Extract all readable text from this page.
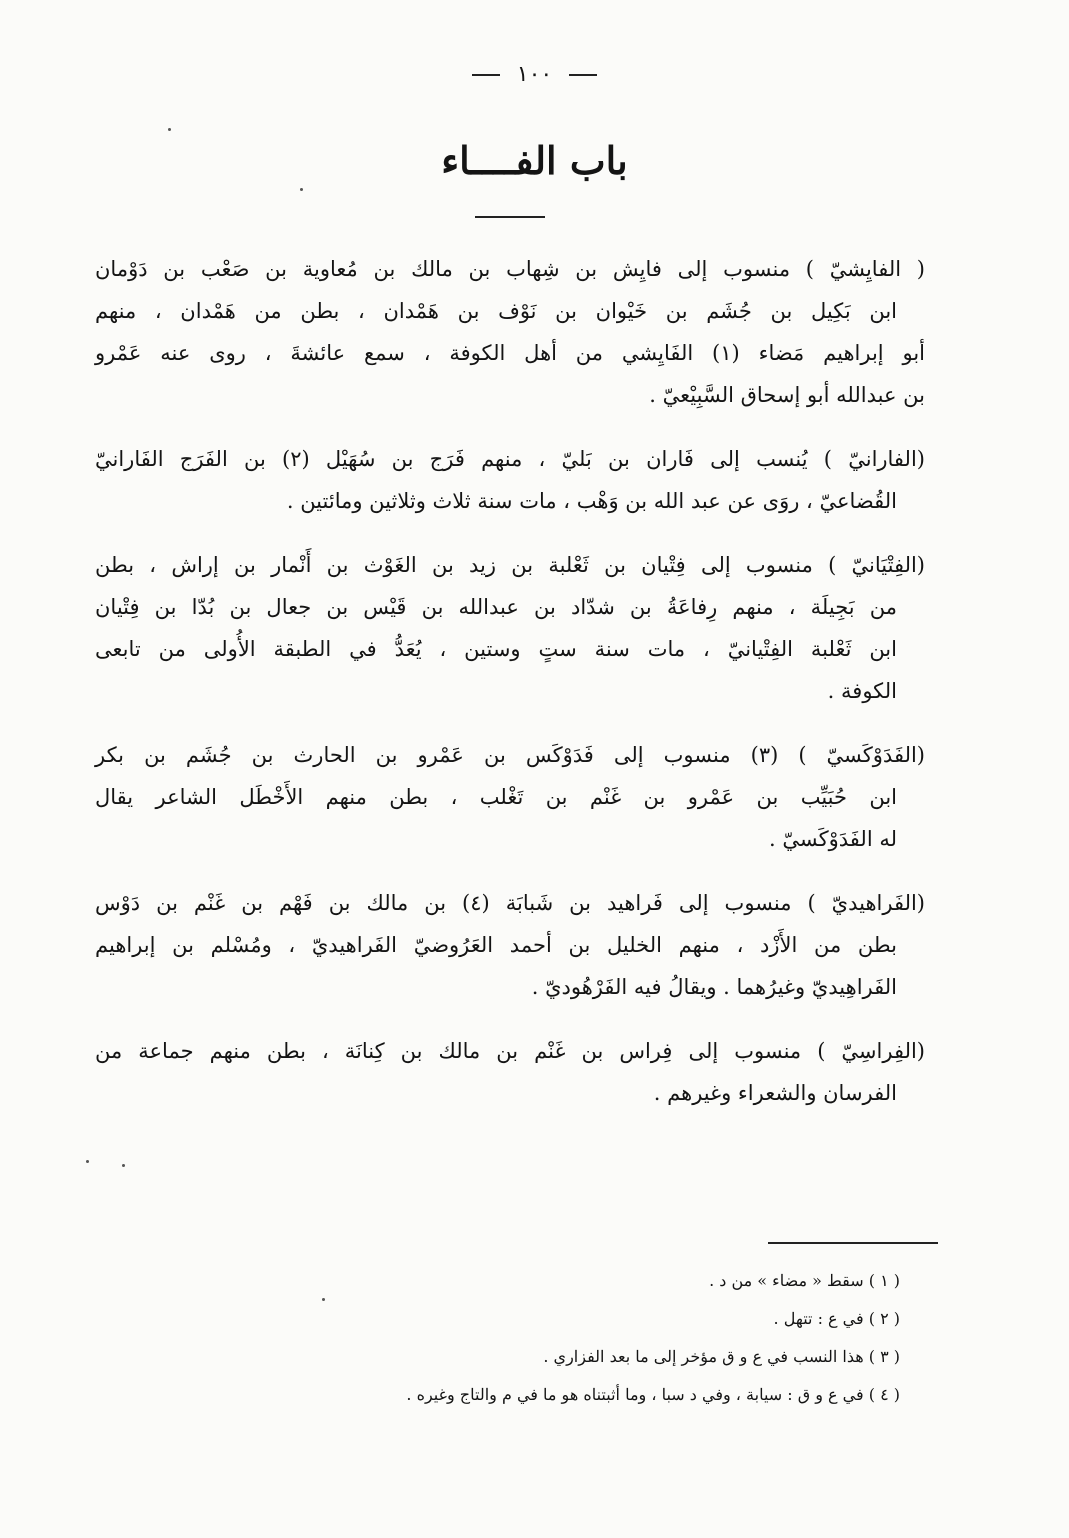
١٠٠
باب الفــــاء
( الفايِشيّ ) منسوب إلى فايِش بن شِهاب بن مالك بن مُعاوية بن صَعْب بن دَوْمان
ابن بَكِيل بن جُشَم بن خَيْوان بن نَوْف بن هَمْدان ، بطن من هَمْدان ، منهم
أبو إبراهيم مَضاء (١) الفَايِشي من أهل الكوفة ، سمع عائشةَ ، روى عنه عَمْرو
بن عبدالله أبو إسحاق السَّبِيْعيّ .
(الفارانيّ ) يُنسب إلى فَاران بن بَليّ ، منهم فَرَج بن سُهَيْل (٢) بن الفَرَج الفَارانيّ
القُضاعيّ ، روَى عن عبد الله بن وَهْب ، مات سنة ثلاث وثلاثين ومائتين .
(الفِتْيَانيّ ) منسوب إلى فِتْيان بن ثَعْلبة بن زيد بن الغَوْث بن أَنْمار بن إراش ، بطن
من بَجِيلَة ، منهم رِفاعَةُ بن شدّاد بن عبدالله بن قَيْس بن جعال بن بُدّا بن فِتْيان
ابن ثَعْلبة الفِتْيانيّ ، مات سنة ستٍ وستين ، يُعَدُّ في الطبقة الأُولى من تابعى
الكوفة .
(الفَدَوْكَسيّ ) (٣) منسوب إلى فَدَوْكَس بن عَمْرو بن الحارث بن جُشَم بن بكر
ابن حُبَيِّب بن عَمْرو بن غَنْم بن تَغْلب ، بطن منهم الأَخْطَل الشاعر يقال
له الفَدَوْكَسيّ .
(الفَراهيديّ ) منسوب إلى فَراهيد بن شَبابَة (٤) بن مالك بن فَهْم بن غَنْم بن دَوْس
بطن من الأَزْد ، منهم الخليل بن أحمد العَرُوضيّ الفَراهيديّ ، ومُسْلم بن إبراهيم
الفَراهِيديّ وغيرُهما . ويقالُ فيه الفَرْهُوديّ .
(الفِراسِيّ ) منسوب إلى فِراس بن غَنْم بن مالك بن كِنانَة ، بطن منهم جماعة من
الفرسان والشعراء وغيرهم .
( ١ ) سقط « مضاء » من د .
( ٢ ) في ع : تتهل .
( ٣ ) هذا النسب في ع و ق مؤخر إلى ما بعد الفزاري .
( ٤ ) في ع و ق : سيابة ، وفي د سبا ، وما أثبتناه هو ما في م والتاج وغيره .
